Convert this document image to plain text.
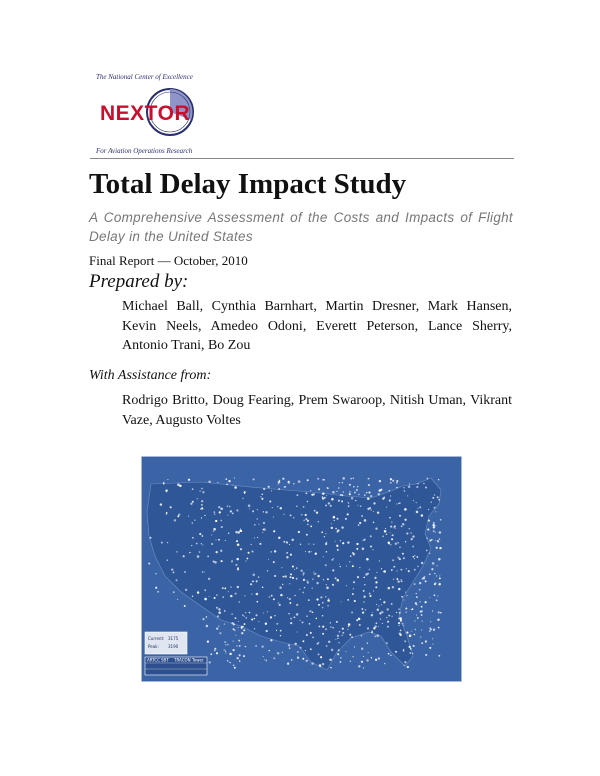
The National Center of Excellence
NEXTOR
For Aviation Operations Research
Total Delay Impact Study
A Comprehensive Assessment of the Costs and Impacts of Flight Delay in the United States
Final Report — October, 2010
Prepared by:
Michael Ball, Cynthia Barnhart, Martin Dresner, Mark Hansen, Kevin Neels, Amedeo Odoni, Everett Peterson, Lance Sherry, Antonio Trani, Bo Zou
With Assistance from:
Rodrigo Britto, Doug Fearing, Prem Swaroop, Nitish Uman, Vikrant Vaze, Augusto Voltes
Current: 3175
Peak: 3190
ARTCC SBT TRACON Tower
